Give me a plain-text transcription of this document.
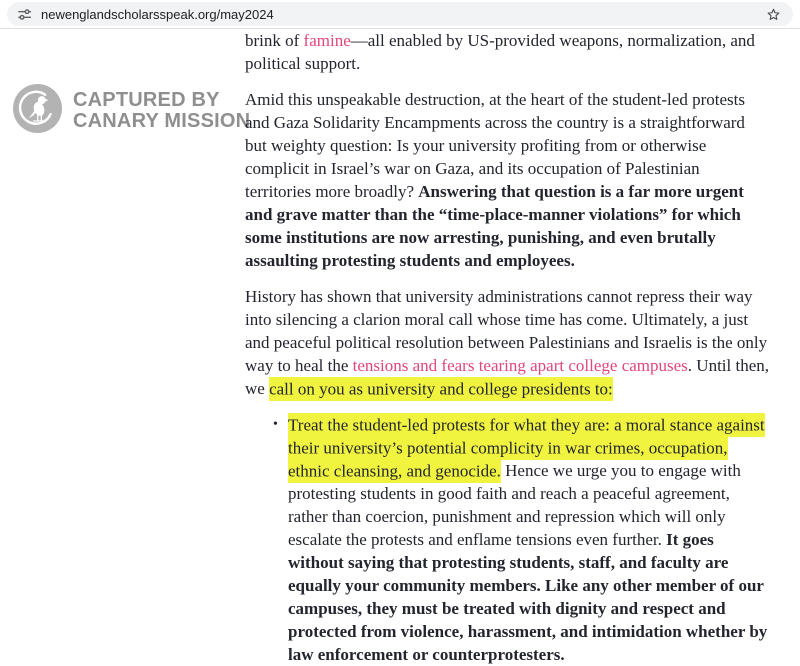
newenglandscholarsspeak.org/may2024
CAPTURED BY
CANARY MISSION

brink of famine—all enabled by US-provided weapons, normalization, and political support.

Amid this unspeakable destruction, at the heart of the student-led protests and Gaza Solidarity Encampments across the country is a straightforward but weighty question: Is your university profiting from or otherwise complicit in Israel’s war on Gaza, and its occupation of Palestinian territories more broadly? Answering that question is a far more urgent and grave matter than the “time-place-manner violations” for which some institutions are now arresting, punishing, and even brutally assaulting protesting students and employees.

History has shown that university administrations cannot repress their way into silencing a clarion moral call whose time has come. Ultimately, a just and peaceful political resolution between Palestinians and Israelis is the only way to heal the tensions and fears tearing apart college campuses. Until then, we call on you as university and college presidents to:

• Treat the student-led protests for what they are: a moral stance against their university’s potential complicity in war crimes, occupation, ethnic cleansing, and genocide. Hence we urge you to engage with protesting students in good faith and reach a peaceful agreement, rather than coercion, punishment and repression which will only escalate the protests and enflame tensions even further. It goes without saying that protesting students, staff, and faculty are equally your community members. Like any other member of our campuses, they must be treated with dignity and respect and protected from violence, harassment, and intimidation whether by law enforcement or counterprotesters.
